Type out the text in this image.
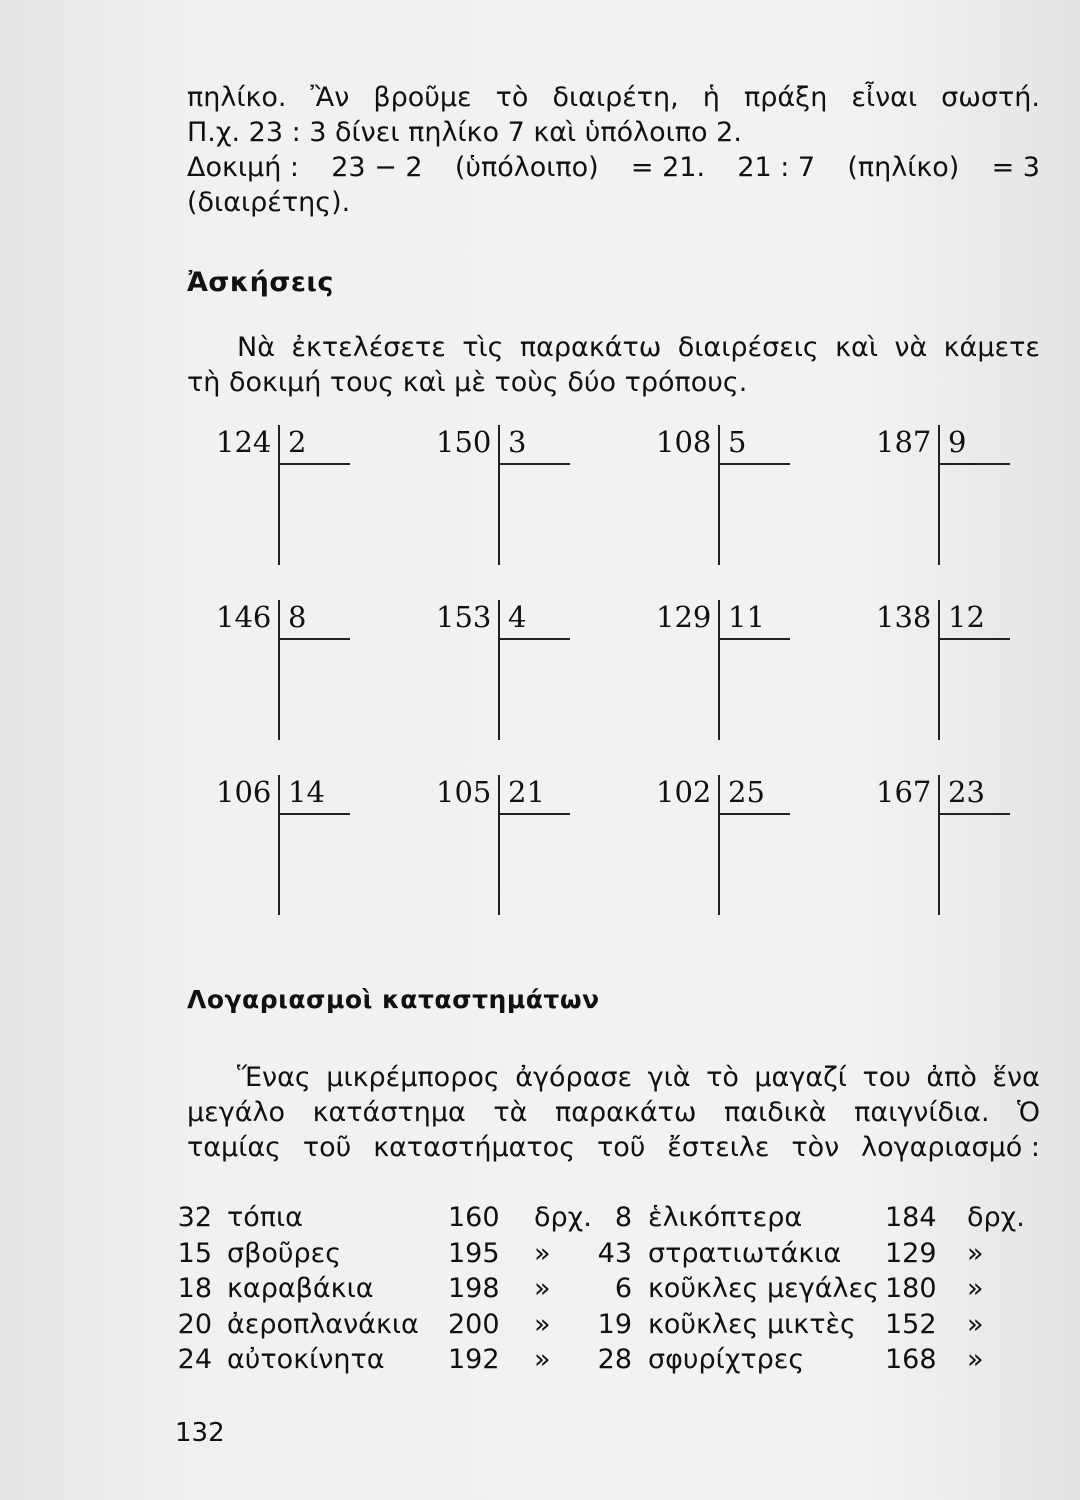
πηλίκο. Ἂν βροῦμε τὸ διαιρέτη, ἡ πράξη εἶναι σωστή.
Π.χ. 23 : 3 δίνει πηλίκο 7 καὶ ὑπόλοιπο 2.
Δοκιμή : 23 − 2 (ὑπόλοιπο) = 21. 21 : 7 (πηλίκο) = 3
(διαιρέτης).
Ἀσκήσεις
Νὰ ἐκτελέσετε τὶς παρακάτω διαιρέσεις καὶ νὰ κάμετε
τὴ δοκιμή τους καὶ μὲ τοὺς δύο τρόπους.
124 2	150 3	108 5	187 9
146 8	153 4	129 11	138 12
106 14	105 21	102 25	167 23
Λογαριασμοὶ καταστημάτων
Ἕνας μικρέμπορος ἀγόρασε γιὰ τὸ μαγαζί του ἀπὸ ἕνα
μεγάλο κατάστημα τὰ παρακάτω παιδικὰ παιγνίδια. Ὁ
ταμίας τοῦ καταστήματος τοῦ ἔστειλε τὸν λογαριασμό :
32 τόπια	160 δρχ. 8 ἑλικόπτερα	184 δρχ.
15 σβοῦρες	195 » 43 στρατιωτάκια 129 »
18 καραβάκια	198 »	6 κοῦκλες μεγάλες 180 »
20 ἀεροπλανάκια 200 » 19 κοῦκλες μικτὲς 152 »
24 αὐτοκίνητα 192 » 28 σφυρίχτρες	168 »
132
